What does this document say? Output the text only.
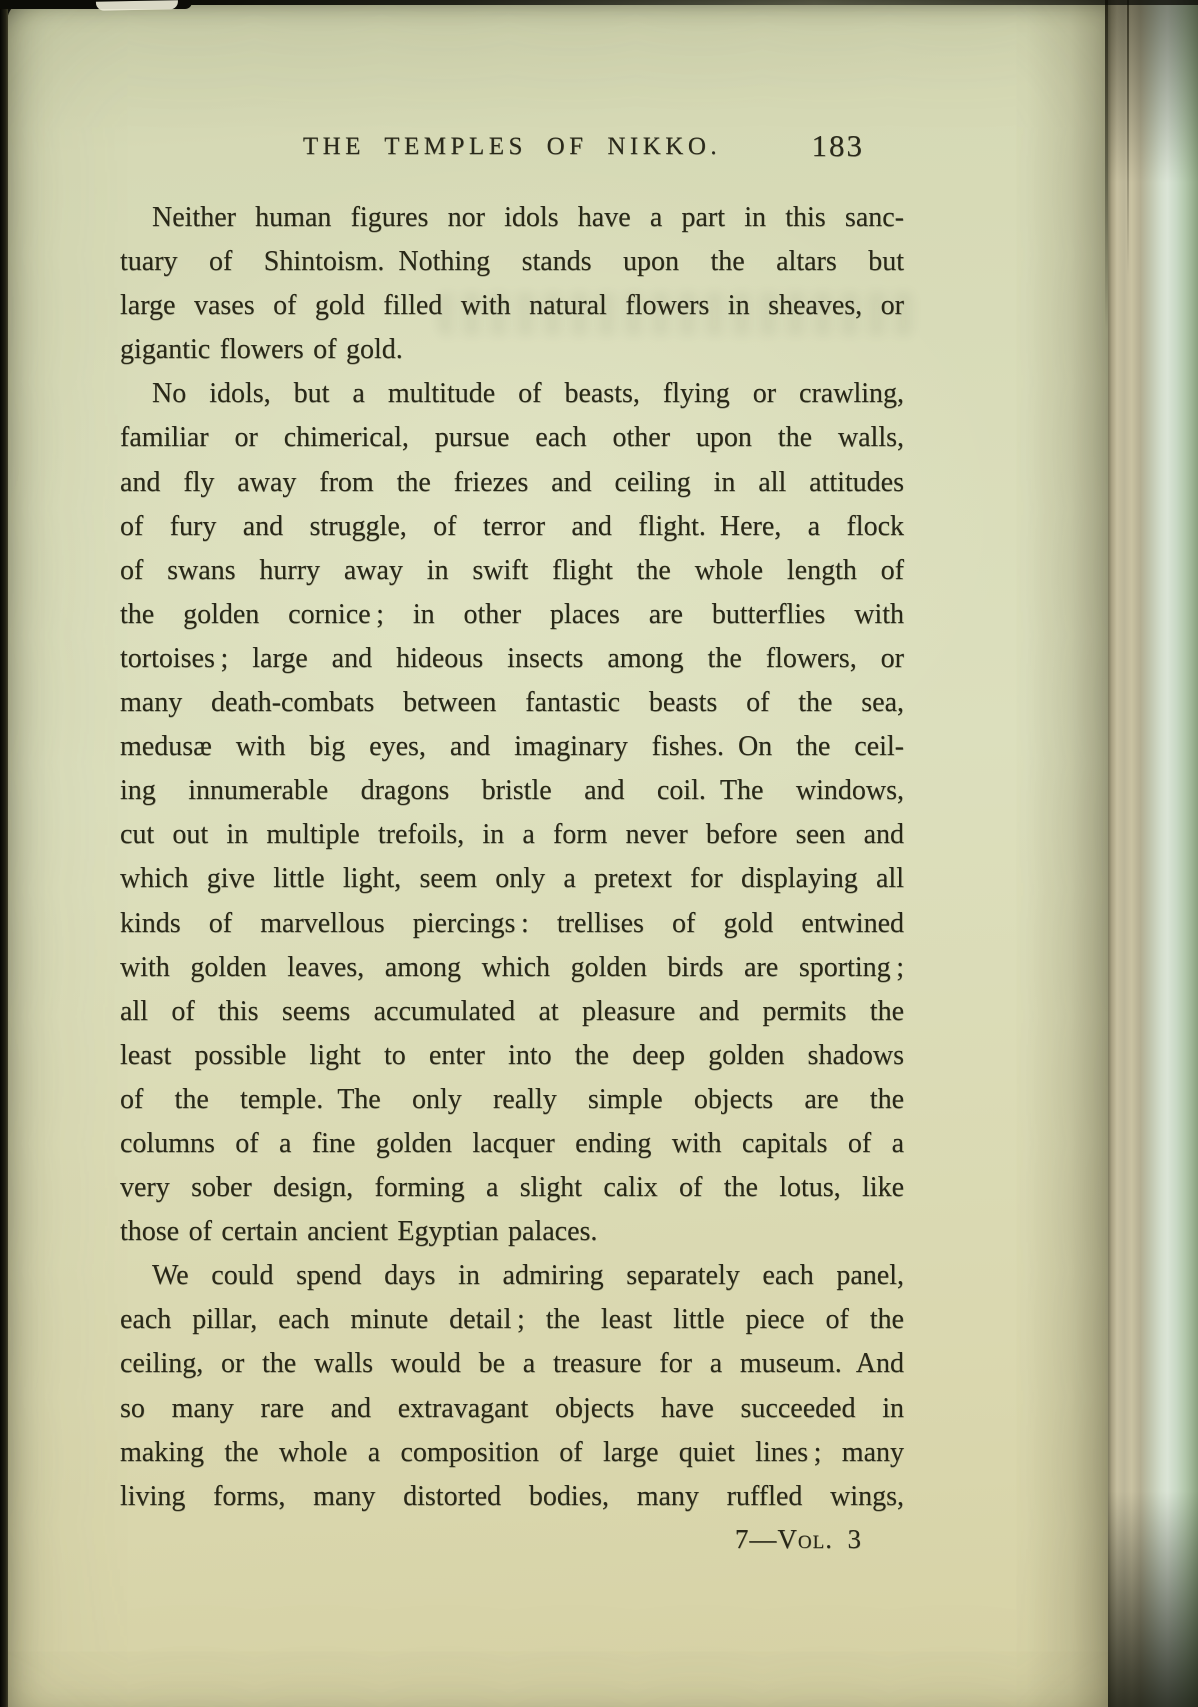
THE TEMPLES OF NIKKO.	183
Neither human figures nor idols have a part in this sanc-
tuary of Shintoism. Nothing stands upon the altars but
large vases of gold filled with natural flowers in sheaves, or
gigantic flowers of gold.
No idols, but a multitude of beasts, flying or crawling,
familiar or chimerical, pursue each other upon the walls,
and fly away from the friezes and ceiling in all attitudes
of fury and struggle, of terror and flight. Here, a flock
of swans hurry away in swift flight the whole length of
the golden cornice ; in other places are butterflies with
tortoises ; large and hideous insects among the flowers, or
many death-combats between fantastic beasts of the sea,
medusæ with big eyes, and imaginary fishes. On the ceil-
ing innumerable dragons bristle and coil. The windows,
cut out in multiple trefoils, in a form never before seen and
which give little light, seem only a pretext for displaying all
kinds of marvellous piercings : trellises of gold entwined
with golden leaves, among which golden birds are sporting ;
all of this seems accumulated at pleasure and permits the
least possible light to enter into the deep golden shadows
of the temple. The only really simple objects are the
columns of a fine golden lacquer ending with capitals of a
very sober design, forming a slight calix of the lotus, like
those of certain ancient Egyptian palaces.
We could spend days in admiring separately each panel,
each pillar, each minute detail ; the least little piece of the
ceiling, or the walls would be a treasure for a museum. And
so many rare and extravagant objects have succeeded in
making the whole a composition of large quiet lines ; many
living forms, many distorted bodies, many ruffled wings,
7—Vol. 3
